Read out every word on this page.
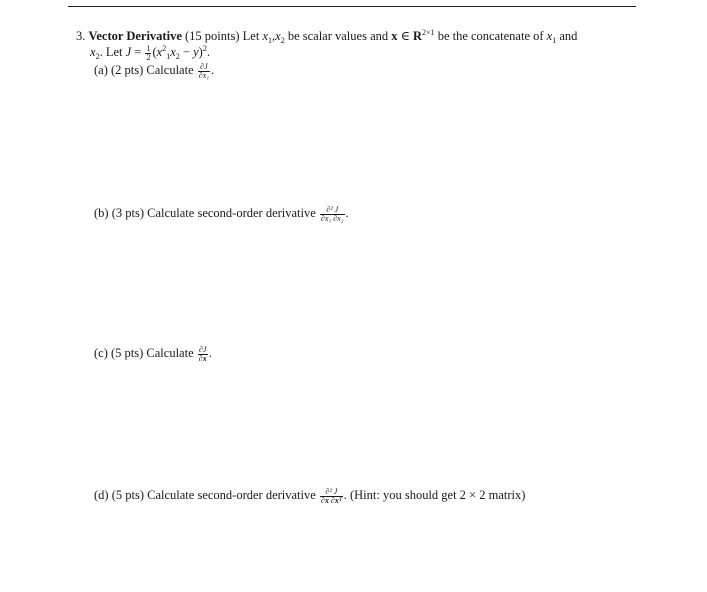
3. Vector Derivative (15 points) Let $x_1,x_2$ be scalar values and x ∈ $R^{2\times 1}$ be the concatenate of $x_1$ and
$x_2$. Let $J = \frac{1}{2} (x^2_1x_2 - y)^2$.
(a) (2 pts) Calculate $\frac{\partial J}{\text{∂x₁}}$ .
(b) (3 pts) Calculate second-order derivative $\frac{\text{∂² J}}{\text{∂x₁ ∂x₂}}$ .
(c) (5 pts) Calculate $\frac{\partial J}{\partial x}$ .
(d) (5 pts) Calculate second-order derivative $\frac{\text{∂² J}}{\text{∂x ∂xᵀ}}$ . (Hint: you should get 2 × 2 matrix)
